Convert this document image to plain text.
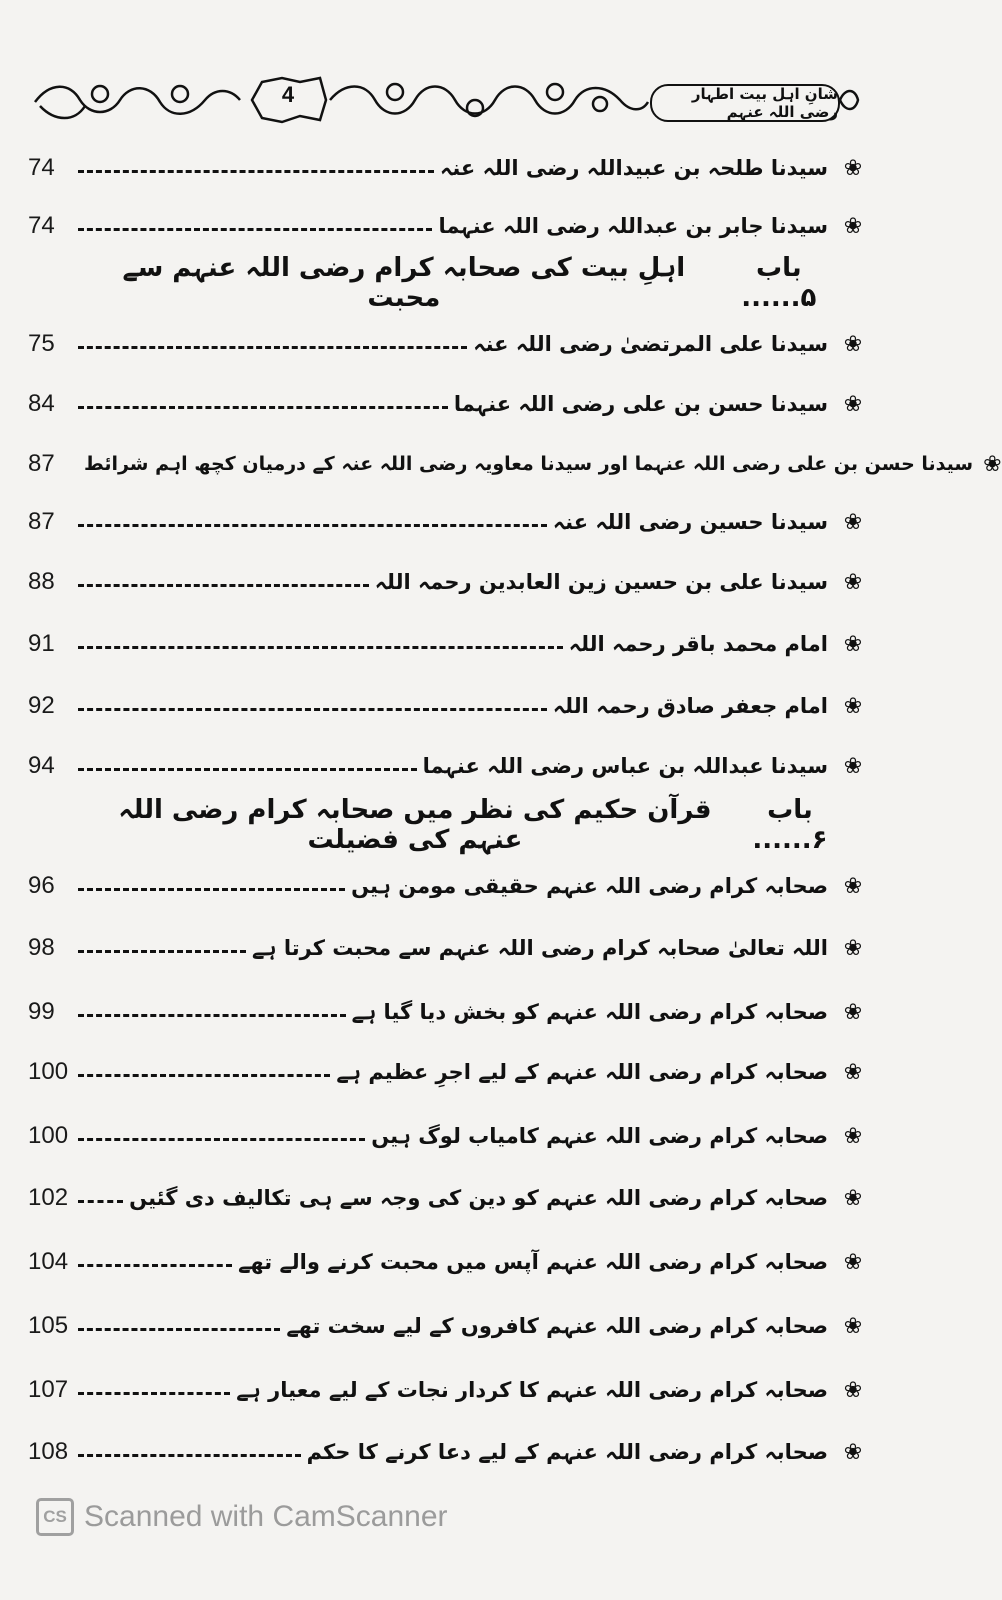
4	شانِ اہل بیت اطہار رضی اللہ عنہم
74	سیدنا طلحہ بن عبیداللہ رضی اللہ عنہ ❀
74	سیدنا جابر بن عبداللہ رضی اللہ عنہما ❀
باب ۵......
اہلِ بیت کی صحابہ کرام رضی اللہ عنہم سے محبت
75	سیدنا علی المرتضیٰ رضی اللہ عنہ ❀
84	سیدنا حسن بن علی رضی اللہ عنہما ❀
87	سیدنا حسن بن علی رضی اللہ عنہما اور سیدنا معاویہ رضی اللہ عنہ کے درمیان کچھ اہم شرائط ❀
87	سیدنا حسین رضی اللہ عنہ ❀
88	سیدنا علی بن حسین زین العابدین رحمہ اللہ ❀
91	امام محمد باقر رحمہ اللہ ❀
92	امام جعفر صادق رحمہ اللہ ❀
94	سیدنا عبداللہ بن عباس رضی اللہ عنہما ❀
باب ۶......
قرآن حکیم کی نظر میں صحابہ کرام رضی اللہ عنہم کی فضیلت
96	صحابہ کرام رضی اللہ عنہم حقیقی مومن ہیں ❀
98	اللہ تعالیٰ صحابہ کرام رضی اللہ عنہم سے محبت کرتا ہے ❀
99	صحابہ کرام رضی اللہ عنہم کو بخش دیا گیا ہے ❀
100	صحابہ کرام رضی اللہ عنہم کے لیے اجرِ عظیم ہے ❀
100	صحابہ کرام رضی اللہ عنہم کامیاب لوگ ہیں ❀
102	صحابہ کرام رضی اللہ عنہم کو دین کی وجہ سے ہی تکالیف دی گئیں ❀
104	صحابہ کرام رضی اللہ عنہم آپس میں محبت کرنے والے تھے ❀
105	صحابہ کرام رضی اللہ عنہم کافروں کے لیے سخت تھے ❀
107	صحابہ کرام رضی اللہ عنہم کا کردار نجات کے لیے معیار ہے ❀
108	صحابہ کرام رضی اللہ عنہم کے لیے دعا کرنے کا حکم ❀
CS Scanned with CamScanner
